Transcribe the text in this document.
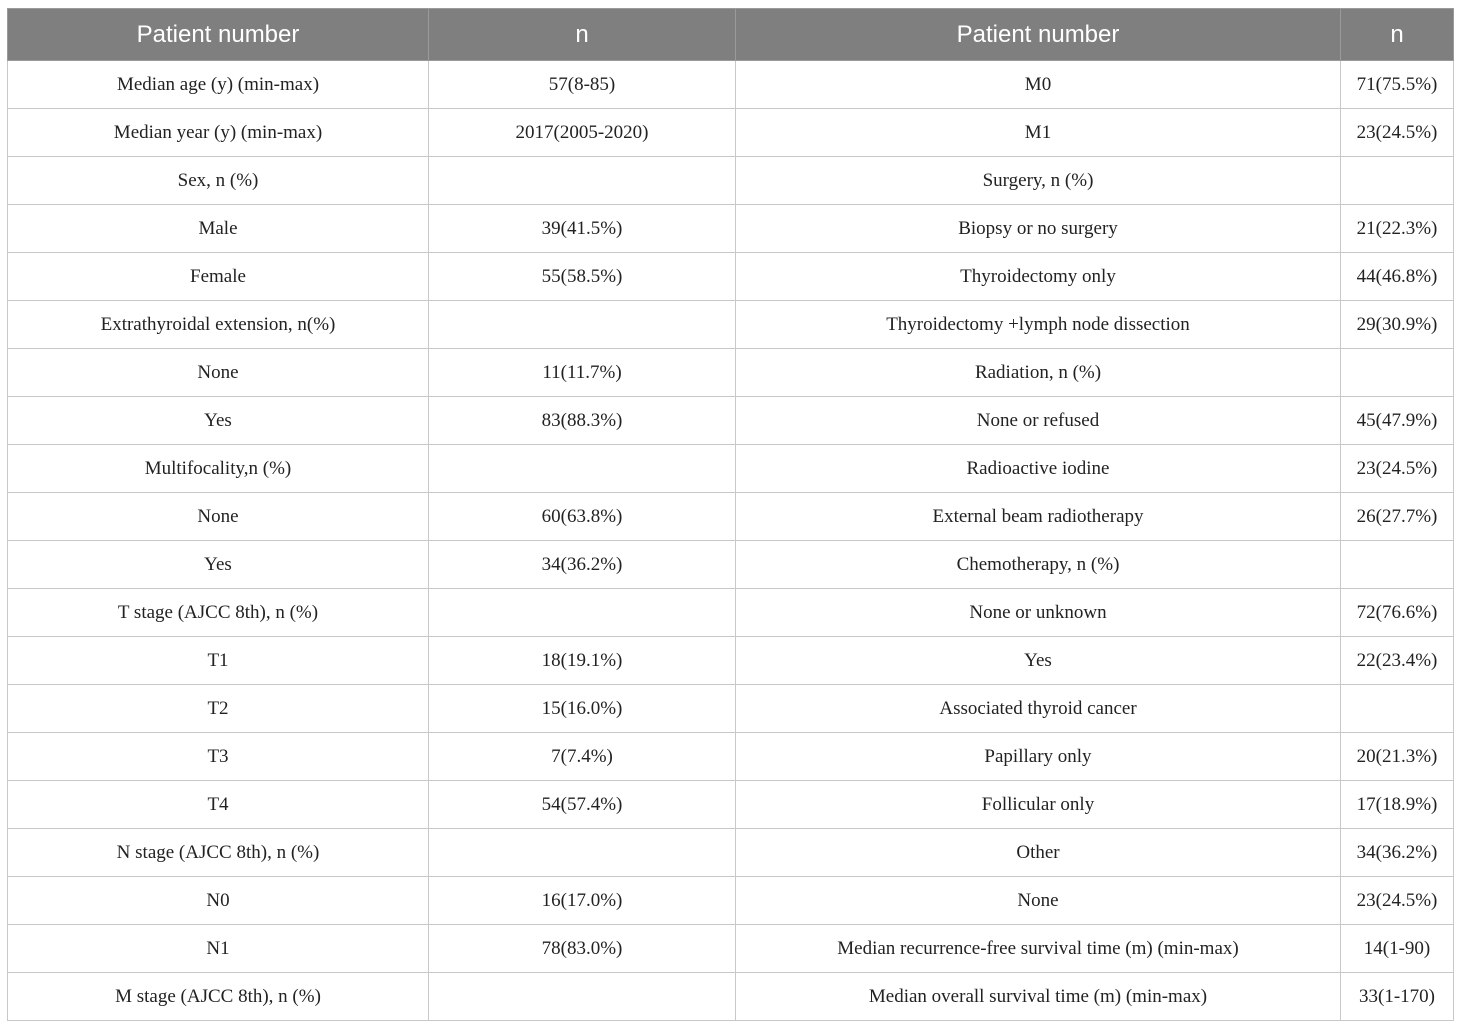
Patient number	n	Patient number	n
Median age (y) (min-max)	57(8-85)	M0	71(75.5%)
Median year (y) (min-max)	2017(2005-2020)	M1	23(24.5%)
Sex, n (%)		Surgery, n (%)	
Male	39(41.5%)	Biopsy or no surgery	21(22.3%)
Female	55(58.5%)	Thyroidectomy only	44(46.8%)
Extrathyroidal extension, n(%)		Thyroidectomy +lymph node dissection	29(30.9%)
None	11(11.7%)	Radiation, n (%)	
Yes	83(88.3%)	None or refused	45(47.9%)
Multifocality,n (%)		Radioactive iodine	23(24.5%)
None	60(63.8%)	External beam radiotherapy	26(27.7%)
Yes	34(36.2%)	Chemotherapy, n (%)	
T stage (AJCC 8th), n (%)		None or unknown	72(76.6%)
T1	18(19.1%)	Yes	22(23.4%)
T2	15(16.0%)	Associated thyroid cancer	
T3	7(7.4%)	Papillary only	20(21.3%)
T4	54(57.4%)	Follicular only	17(18.9%)
N stage (AJCC 8th), n (%)		Other	34(36.2%)
N0	16(17.0%)	None	23(24.5%)
N1	78(83.0%)	Median recurrence-free survival time (m) (min-max)	14(1-90)
M stage (AJCC 8th), n (%)		Median overall survival time (m) (min-max)	33(1-170)
